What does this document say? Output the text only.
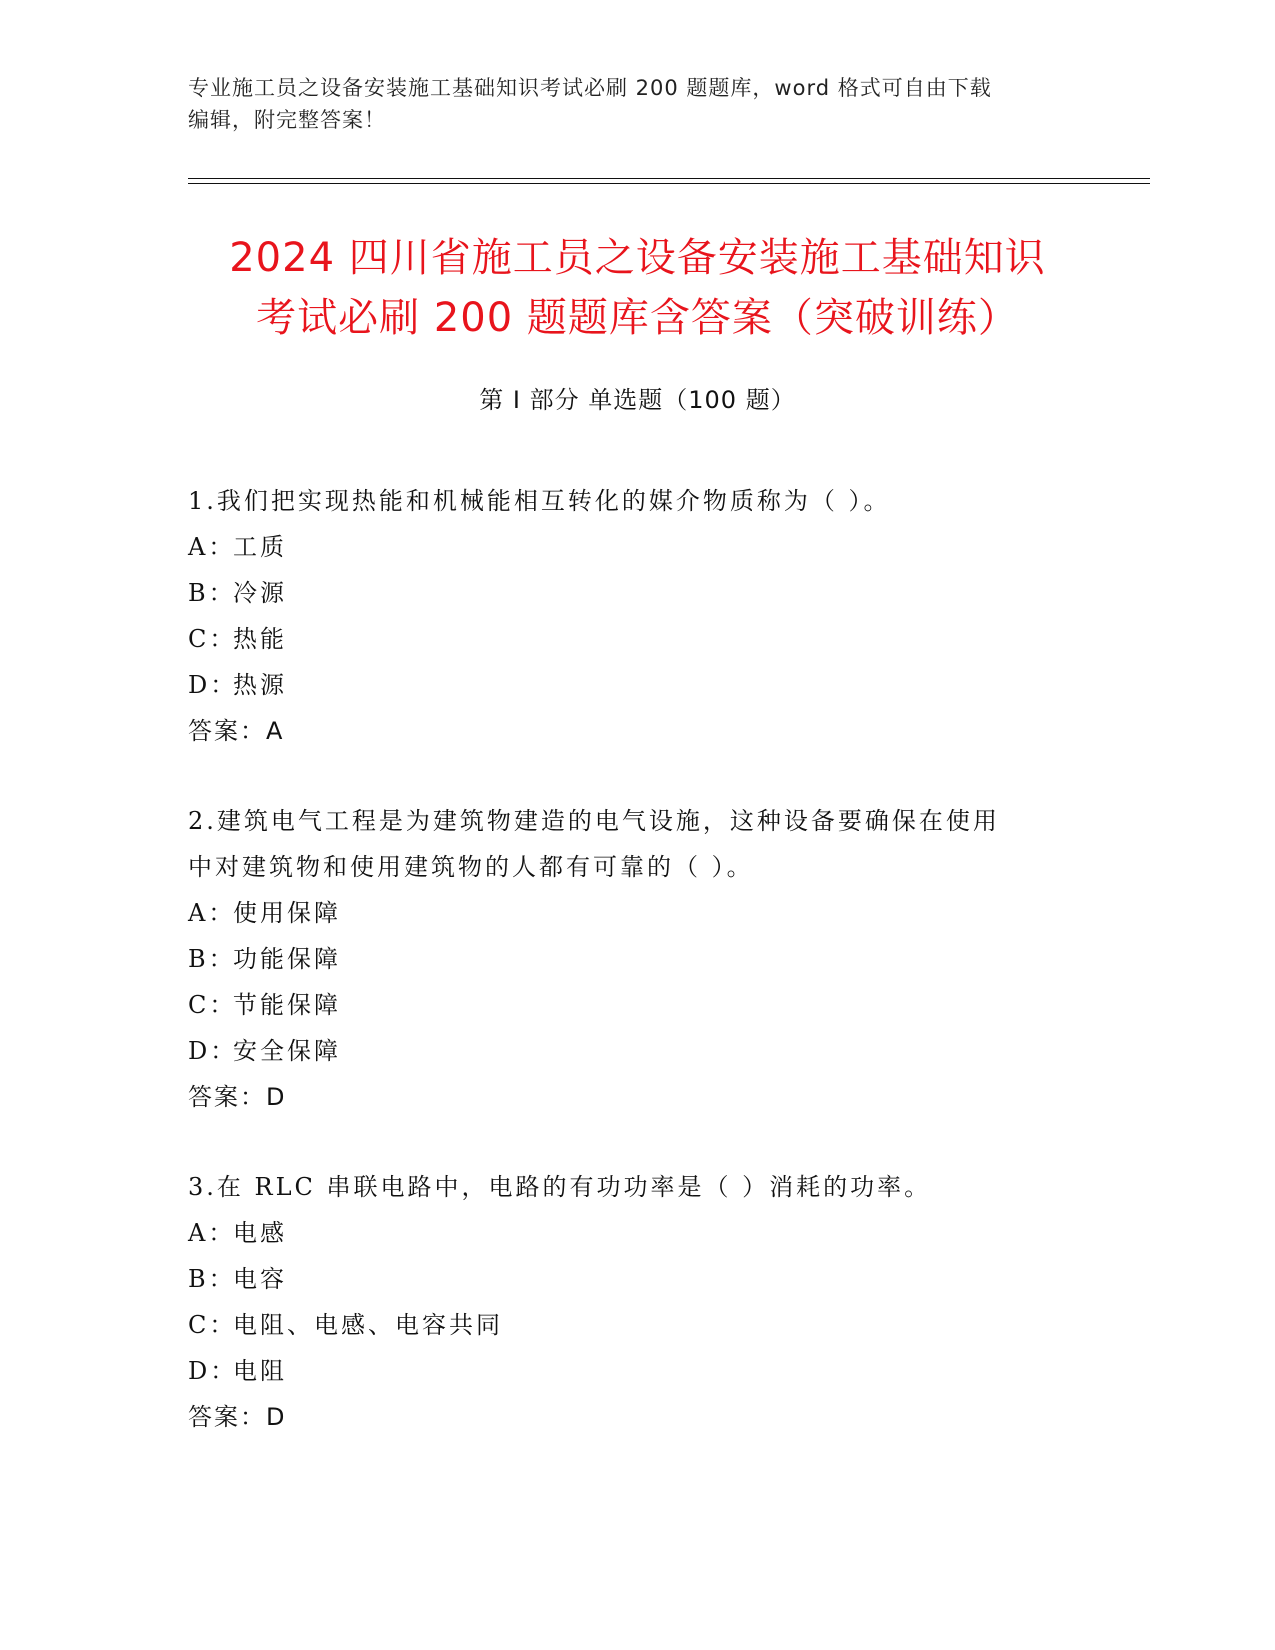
专业施工员之设备安装施工基础知识考试必刷 200 题题库，word 格式可自由下载
编辑，附完整答案！
2024 四川省施工员之设备安装施工基础知识
考试必刷 200 题题库含答案（突破训练）
第 I 部分 单选题（100 题）
1.我们把实现热能和机械能相互转化的媒介物质称为（ ）。
A：
工质
B：
冷源
C：
热能
D：
热源
答案：A
2.建筑电气工程是为建筑物建造的电气设施，这种设备要确保在使用
中对建筑物和使用建筑物的人都有可靠的（ ）。
A：
使用保障
B：
功能保障
C：
节能保障
D：
安全保障
答案：D
3.在 RLC 串联电路中，电路的有功功率是（ ）消耗的功率。
A：
电感
B：
电容
C：
电阻、电感、电容共同
D：
电阻
答案：D
